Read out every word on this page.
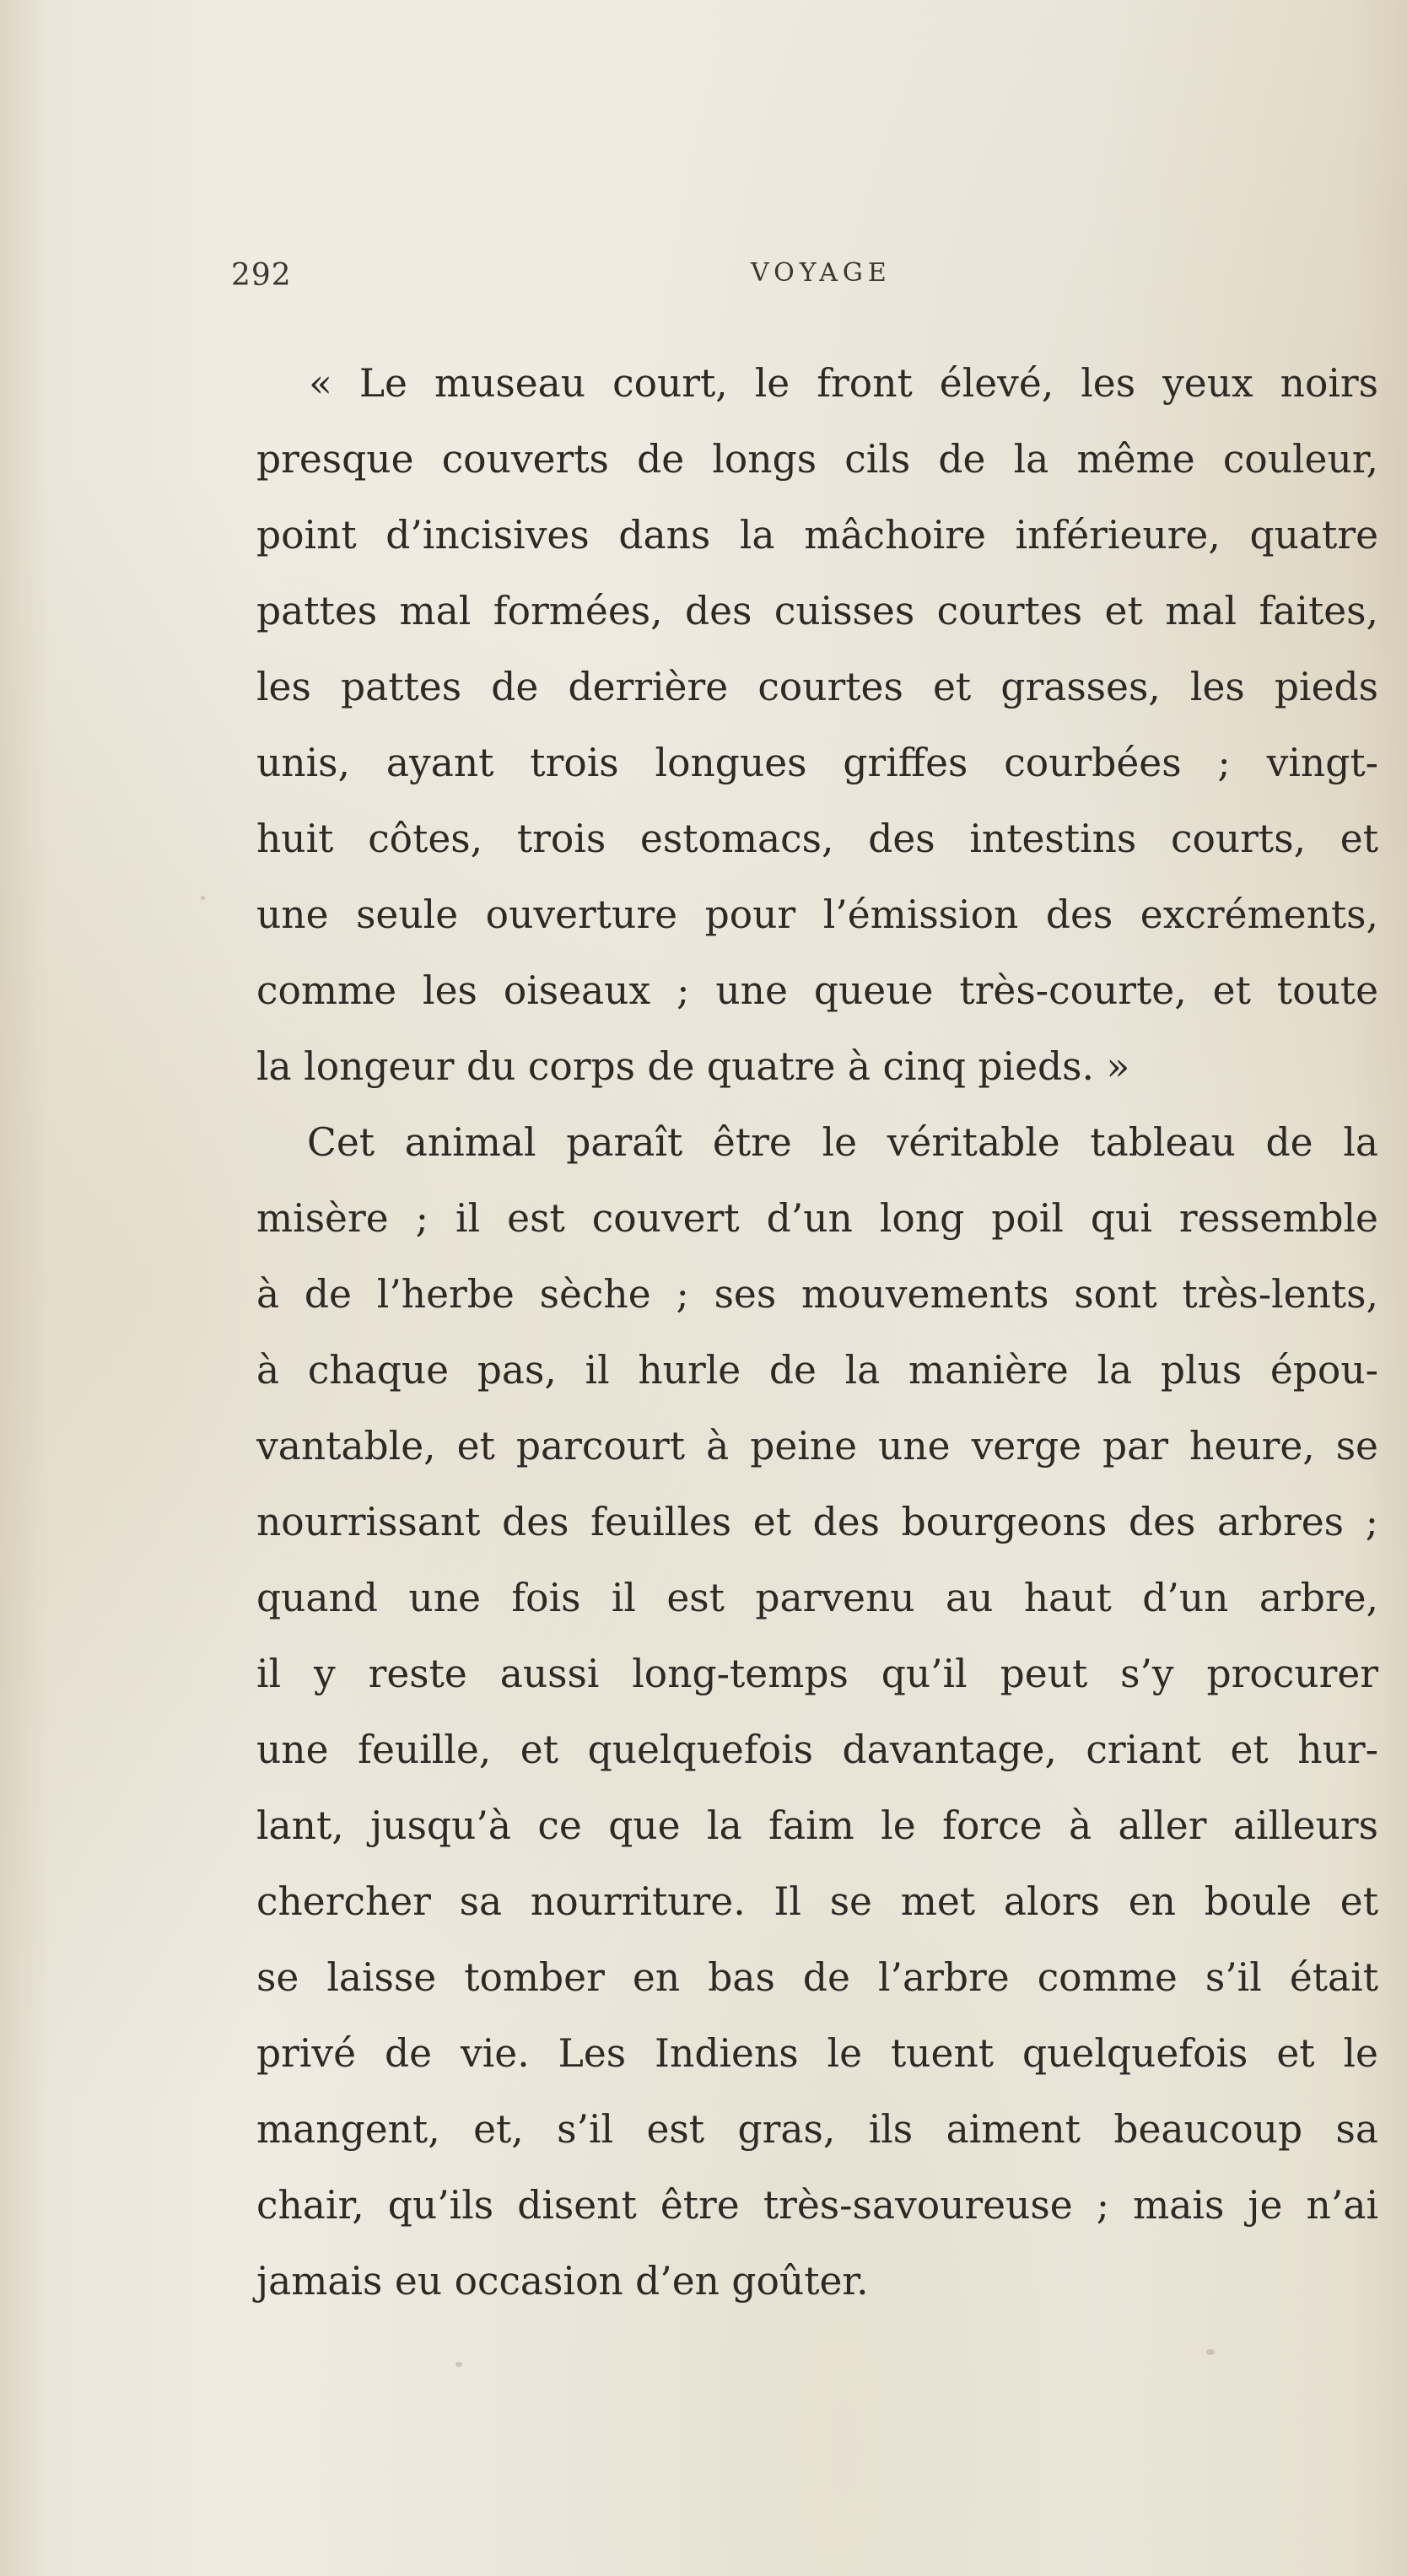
292	VOYAGE
« Le museau court, le front élevé, les yeux noirs
presque couverts de longs cils de la même couleur,
point d’incisives dans la mâchoire inférieure, quatre
pattes mal formées, des cuisses courtes et mal faites,
les pattes de derrière courtes et grasses, les pieds
unis, ayant trois longues griffes courbées ; vingt-
huit côtes, trois estomacs, des intestins courts, et
une seule ouverture pour l’émission des excréments,
comme les oiseaux ; une queue très-courte, et toute
la longeur du corps de quatre à cinq pieds. »
Cet animal paraît être le véritable tableau de la
misère ; il est couvert d’un long poil qui ressemble
à de l’herbe sèche ; ses mouvements sont très-lents,
à chaque pas, il hurle de la manière la plus épou-
vantable, et parcourt à peine une verge par heure, se
nourrissant des feuilles et des bourgeons des arbres ;
quand une fois il est parvenu au haut d’un arbre,
il y reste aussi long-temps qu’il peut s’y procurer
une feuille, et quelquefois davantage, criant et hur-
lant, jusqu’à ce que la faim le force à aller ailleurs
chercher sa nourriture. Il se met alors en boule et
se laisse tomber en bas de l’arbre comme s’il était
privé de vie. Les Indiens le tuent quelquefois et le
mangent, et, s’il est gras, ils aiment beaucoup sa
chair, qu’ils disent être très-savoureuse ; mais je n’ai
jamais eu occasion d’en goûter.
